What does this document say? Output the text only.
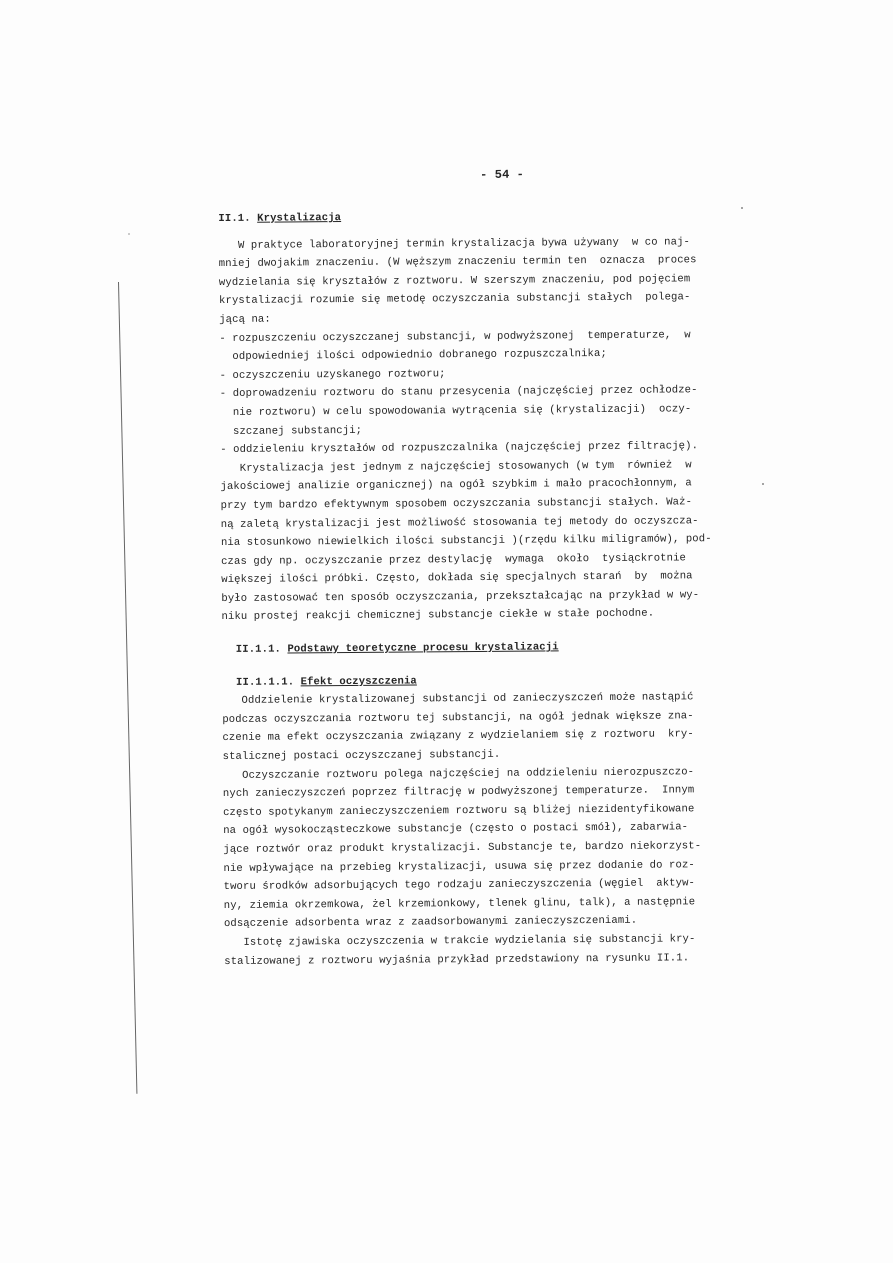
- 54 -
II.1. Krystalizacja
W praktyce laboratoryjnej termin krystalizacja bywa używany  w co naj-
mniej dwojakim znaczeniu. (W węższym znaczeniu termin ten  oznacza  proces
wydzielania się kryształów z roztworu. W szerszym znaczeniu, pod pojęciem
krystalizacji rozumie się metodę oczyszczania substancji stałych  polega-
jącą na:
- rozpuszczeniu oczyszczanej substancji, w podwyższonej  temperaturze,  w
odpowiedniej ilości odpowiednio dobranego rozpuszczalnika;
- oczyszczeniu uzyskanego roztworu;
- doprowadzeniu roztworu do stanu przesycenia (najczęściej przez ochłodze-
nie roztworu) w celu spowodowania wytrącenia się (krystalizacji)  oczy-
szczanej substancji;
- oddzieleniu kryształów od rozpuszczalnika (najczęściej przez filtrację).
Krystalizacja jest jednym z najczęściej stosowanych (w tym  również  w
jakościowej analizie organicznej) na ogół szybkim i mało pracochłonnym, a
przy tym bardzo efektywnym sposobem oczyszczania substancji stałych. Waż-
ną zaletą krystalizacji jest możliwość stosowania tej metody do oczyszcza-
nia stosunkowo niewielkich ilości substancji )(rzędu kilku miligramów), pod-
czas gdy np. oczyszczanie przez destylację  wymaga  około  tysiąckrotnie
większej ilości próbki. Często, dokłada się specjalnych starań  by  można
było zastosować ten sposób oczyszczania, przekształcając na przykład w wy-
niku prostej reakcji chemicznej substancje ciekłe w stałe pochodne.
II.1.1. Podstawy teoretyczne procesu krystalizacji
II.1.1.1. Efekt oczyszczenia
Oddzielenie krystalizowanej substancji od zanieczyszczeń może nastąpić
podczas oczyszczania roztworu tej substancji, na ogół jednak większe zna-
czenie ma efekt oczyszczania związany z wydzielaniem się z roztworu  kry-
stalicznej postaci oczyszczanej substancji.
Oczyszczanie roztworu polega najczęściej na oddzieleniu nierozpuszczo-
nych zanieczyszczeń poprzez filtrację w podwyższonej temperaturze.  Innym
często spotykanym zanieczyszczeniem roztworu są bliżej niezidentyfikowane
na ogół wysokocząsteczkowe substancje (często o postaci smół), zabarwia-
jące roztwór oraz produkt krystalizacji. Substancje te, bardzo niekorzyst-
nie wpływające na przebieg krystalizacji, usuwa się przez dodanie do roz-
tworu środków adsorbujących tego rodzaju zanieczyszczenia (węgiel  aktyw-
ny, ziemia okrzemkowa, żel krzemionkowy, tlenek glinu, talk), a następnie
odsączenie adsorbenta wraz z zaadsorbowanymi zanieczyszczeniami.
Istotę zjawiska oczyszczenia w trakcie wydzielania się substancji kry-
stalizowanej z roztworu wyjaśnia przykład przedstawiony na rysunku II.1.
